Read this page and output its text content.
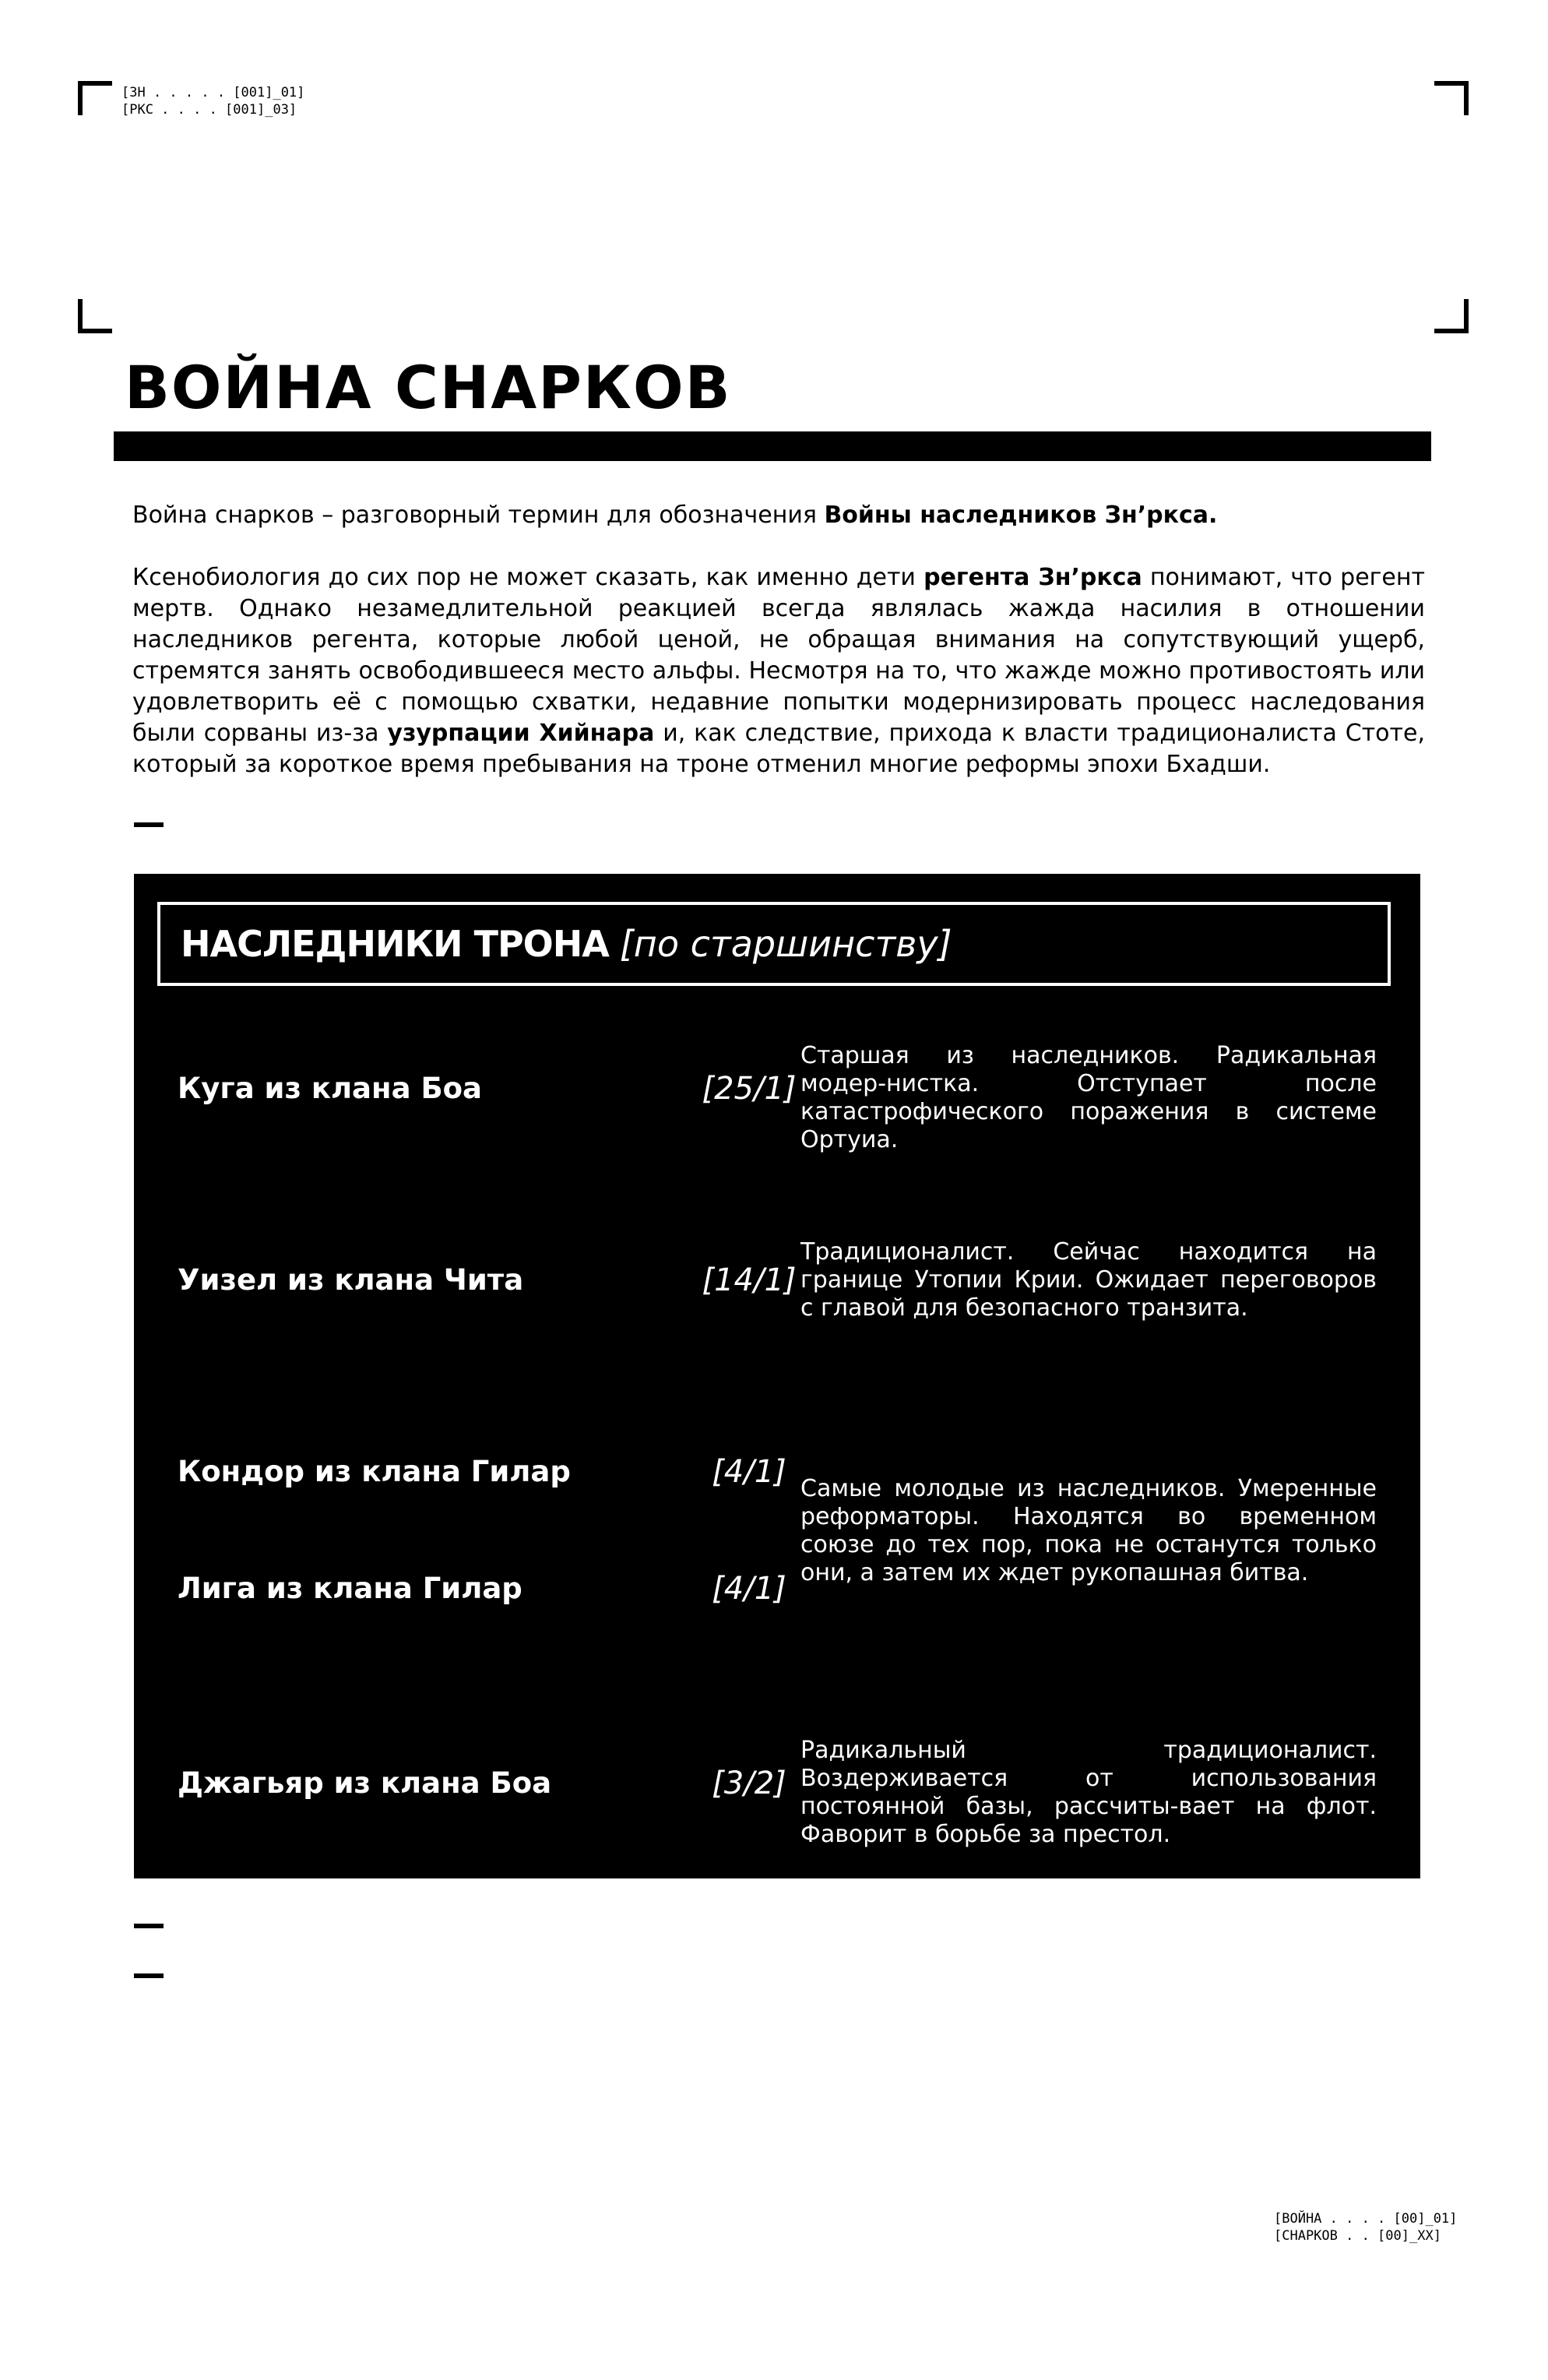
[ЗН . . . . . [001]_01]
[РКС . . . . [001]_03]
ВОЙНА СНАРКОВ

Война снарков – разговорный термин для обозначения Войны наследников Зн’ркса.

Ксенобиология до сих пор не может сказать, как именно дети регента Зн’ркса понимают, что регент мертв. Однако незамедлительной реакцией всегда являлась жажда насилия в отношении наследников регента, которые любой ценой, не обращая внимания на сопутствующий ущерб, стремятся занять освободившееся место альфы. Несмотря на то, что жажде можно противостоять или удовлетворить её с помощью схватки, недавние попытки модернизировать процесс наследования были сорваны из-за узурпации Хийнара и, как следствие, прихода к власти традиционалиста Стоте, который за короткое время пребывания на троне отменил многие реформы эпохи Бхадши.

НАСЛЕДНИКИ ТРОНА [по старшинству]
Куга из клана Боа	[25/1]
Старшая из наследников. Радикальная модер-нистка. Отступает после катастрофического поражения в системе Ортуиа.
Уизел из клана Чита	[14/1]
Традиционалист. Сейчас находится на границе Утопии Крии. Ожидает переговоров с главой для безопасного транзита.
Кондор из клана Гилар	[4/1]
Лига из клана Гилар	[4/1]
Самые молодые из наследников. Умеренные реформаторы. Находятся во временном союзе до тех пор, пока не останутся только они, а затем их ждет рукопашная битва.
Джагьяр из клана Боа	[3/2]
Радикальный традиционалист. Воздерживается от использования постоянной базы, рассчиты-вает на флот. Фаворит в борьбе за престол.
[ВОЙНА . . . . [00]_01]
[СНАРКОВ . . [00]_XX]
